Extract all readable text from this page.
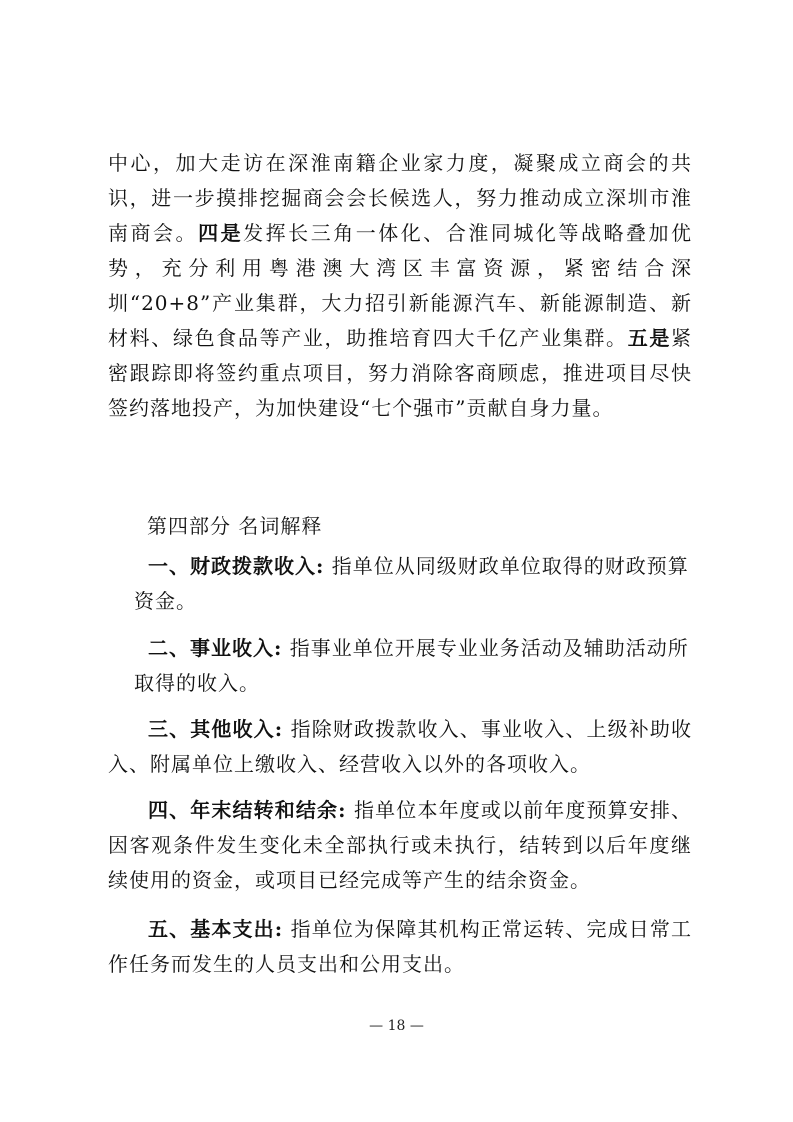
中心，加大走访在深淮南籍企业家力度，凝聚成立商会的共识，进一步摸排挖掘商会会长候选人，努力推动成立深圳市淮南商会。四是发挥长三角一体化、合淮同城化等战略叠加优势，充分利用粤港澳大湾区丰富资源，紧密结合深圳“20+8”产业集群，大力招引新能源汽车、新能源制造、新材料、绿色食品等产业，助推培育四大千亿产业集群。五是紧密跟踪即将签约重点项目，努力消除客商顾虑，推进项目尽快签约落地投产，为加快建设“七个强市”贡献自身力量。
第四部分 名词解释
一、财政拨款收入: 指单位从同级财政单位取得的财政预算
资金。
二、事业收入: 指事业单位开展专业业务活动及辅助活动所
取得的收入。
三、其他收入: 指除财政拨款收入、事业收入、上级补助收入、附属单位上缴收入、经营收入以外的各项收入。
四、年末结转和结余: 指单位本年度或以前年度预算安排、因客观条件发生变化未全部执行或未执行，结转到以后年度继续使用的资金，或项目已经完成等产生的结余资金。
五、基本支出: 指单位为保障其机构正常运转、完成日常工作任务而发生的人员支出和公用支出。
— 18 —
